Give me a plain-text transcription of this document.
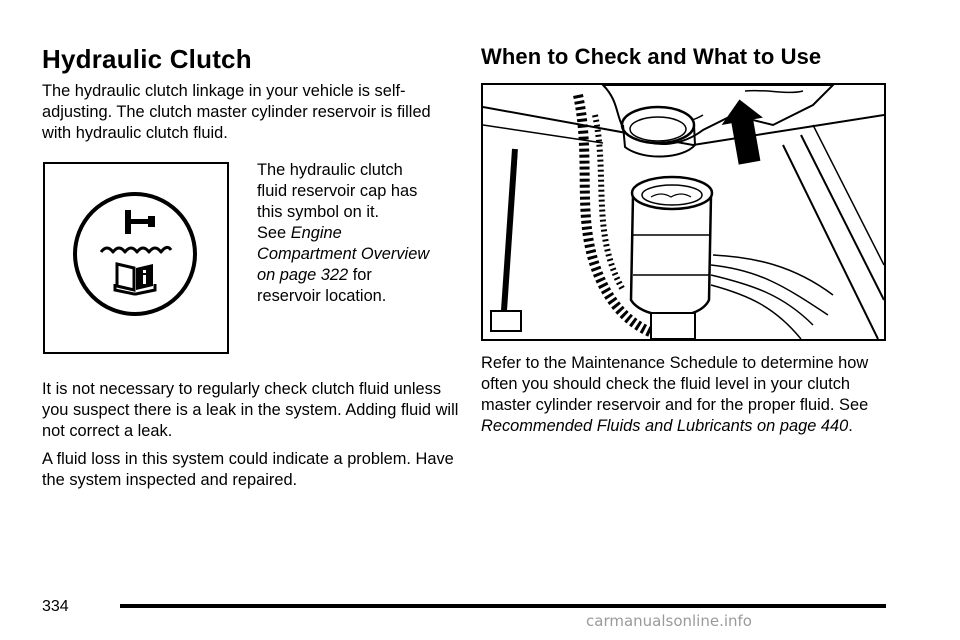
Hydraulic Clutch

The hydraulic clutch linkage in your vehicle is self-adjusting. The clutch master cylinder reservoir is filled with hydraulic clutch fluid.

The hydraulic clutch
fluid reservoir cap has
this symbol on it.
See Engine
Compartment Overview
on page 322 for
reservoir location.

It is not necessary to regularly check clutch fluid unless you suspect there is a leak in the system. Adding fluid will not correct a leak.

A fluid loss in this system could indicate a problem. Have the system inspected and repaired.

When to Check and What to Use

Refer to the Maintenance Schedule to determine how often you should check the fluid level in your clutch master cylinder reservoir and for the proper fluid. See Recommended Fluids and Lubricants on page 440.

334
carmanualsonline.info
